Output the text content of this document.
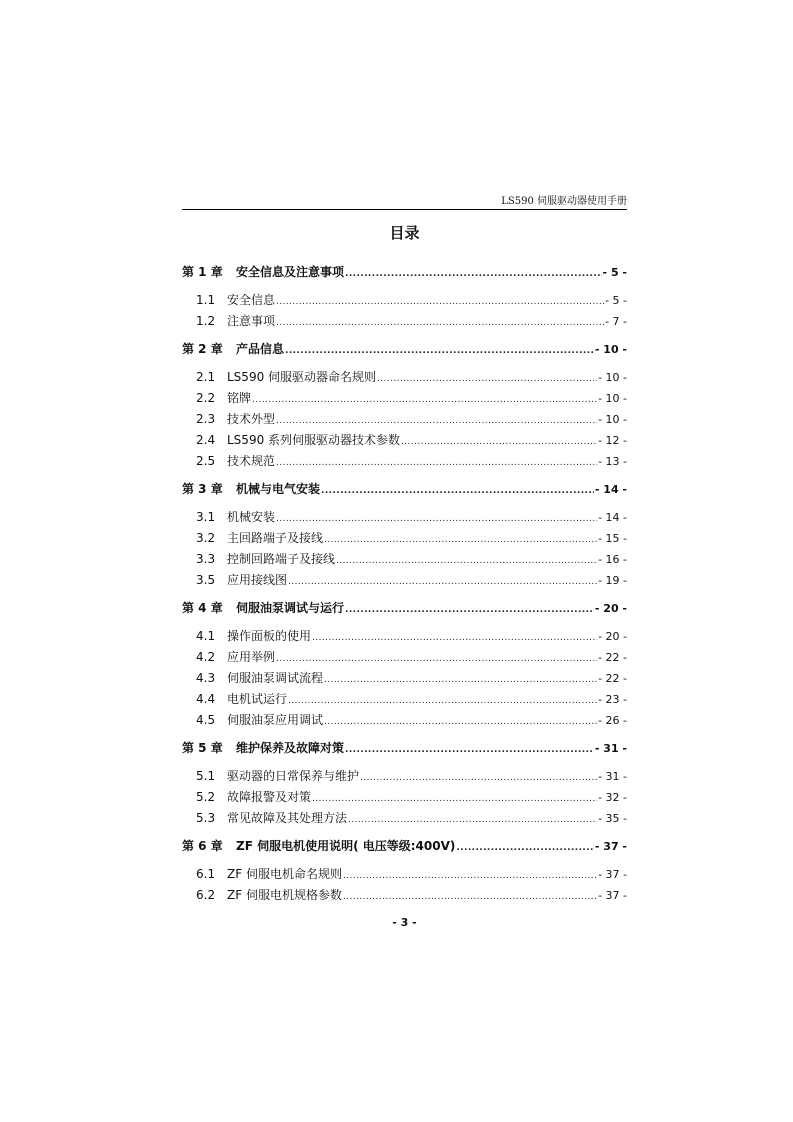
LS590 伺服驱动器使用手册
目录
第 1 章	安全信息及注意事项 .....	- 5 -
1.1 安全信息 .....	- 5 -
1.2 注意事项 .....	- 7 -
第 2 章	产品信息 .....	- 10 -
2.1 LS590 伺服驱动器命名规则 .....	- 10 -
2.2 铭牌 .....	- 10 -
2.3 技术外型 .....	- 10 -
2.4 LS590 系列伺服驱动器技术参数 .....	- 12 -
2.5 技术规范 .....	- 13 -
第 3 章	机械与电气安装 .....	- 14 -
3.1 机械安装 .....	- 14 -
3.2 主回路端子及接线 .....	- 15 -
3.3 控制回路端子及接线 .....	- 16 -
3.5 应用接线图 .....	- 19 -
第 4 章	伺服油泵调试与运行 .....	- 20 -
4.1 操作面板的使用 .....	- 20 -
4.2 应用举例 .....	- 22 -
4.3 伺服油泵调试流程 .....	- 22 -
4.4 电机试运行 .....	- 23 -
4.5 伺服油泵应用调试 .....	- 26 -
第 5 章	维护保养及故障对策 .....	- 31 -
5.1 驱动器的日常保养与维护 .....	- 31 -
5.2 故障报警及对策 .....	- 32 -
5.3 常见故障及其处理方法 .....	- 35 -
第 6 章	ZF 伺服电机使用说明( 电压等级:400V) .....	- 37 -
6.1 ZF 伺服电机命名规则 .....	- 37 -
6.2 ZF 伺服电机规格参数 .....	- 37 -
- 3 -
